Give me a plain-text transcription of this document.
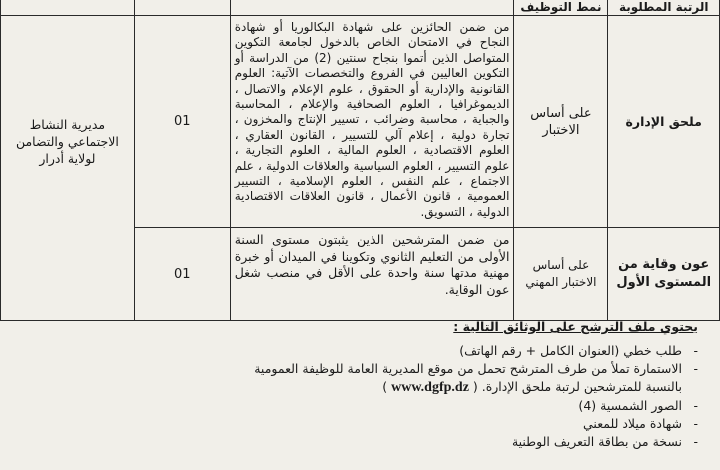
الرتبة المطلوبة	نمط التوظيف			
ملحق الإدارة	على أساس الاختبار	من ضمن الحائزين على شهادة البكالوريا أو شهادة النجاح في الامتحان الخاص بالدخول لجامعة التكوين المتواصل الذين أتموا بنجاح سنتين (2) من الدراسة أو التكوين العاليين في الفروع والتخصصات الآتية: العلوم القانونية والإدارية أو الحقوق ، علوم الإعلام والاتصال ، الديموغرافيا ، العلوم الصحافية والإعلام ، المحاسبة والجباية ، محاسبة وضرائب ، تسيير الإنتاج والمخزون ، تجارة دولية ، إعلام آلي للتسيير ، القانون العقاري ، العلوم الاقتصادية ، العلوم المالية ، العلوم التجارية ، علوم التسيير ، العلوم السياسية والعلاقات الدولية ، علم الاجتماع ، علم النفس ، العلوم الإسلامية ، التسيير العمومية ، قانون الأعمال ، قانون العلاقات الاقتصادية الدولية ، التسويق.	01	مديرية النشاط الاجتماعي والتضامن لولاية أدرار
عون وقاية من المستوى الأول	على أساس الاختبار المهني	من ضمن المترشحين الذين يثبتون مستوى السنة الأولى من التعليم الثانوي وتكوينا في الميدان أو خبرة مهنية مدتها سنة واحدة على الأقل في منصب شغل عون الوقاية.	01	
يحتوي ملف الترشح على الوثائق التالية :
-
طلب خطي (العنوان الكامل + رقم الهاتف)
-
الاستمارة تملأ من طرف المترشح تحمل من موقع المديرية العامة للوظيفة العمومية
بالنسبة للمترشحين لرتبة ملحق الإدارة. ( www.dgfp.dz )
-
الصور الشمسية (4)
-
شهادة ميلاد للمعني
-
نسخة من بطاقة التعريف الوطنية
